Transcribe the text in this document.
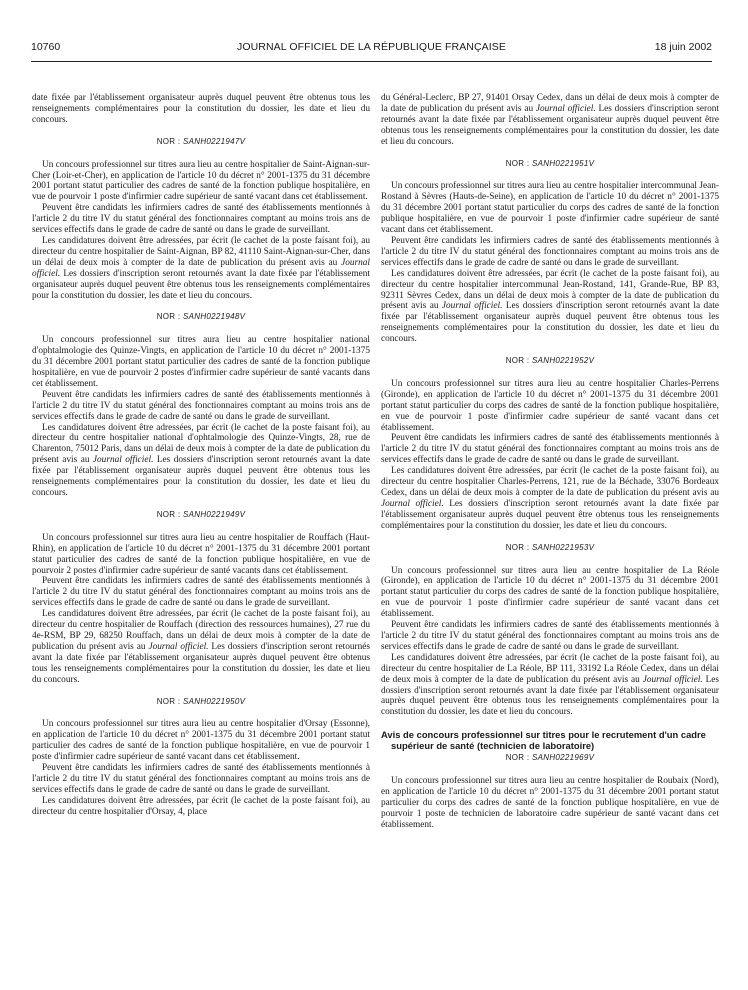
10760	JOURNAL OFFICIEL DE LA RÉPUBLIQUE FRANÇAISE	18 juin 2002

date fixée par l'établissement organisateur auprès duquel peuvent être obtenus tous les renseignements complémentaires pour la constitution du dossier, les date et lieu du concours.

NOR : SANH0221947V

Un concours professionnel sur titres aura lieu au centre hospitalier de Saint-Aignan-sur-Cher (Loir-et-Cher), en application de l'article 10 du décret n° 2001-1375 du 31 décembre 2001 portant statut particulier des cadres de santé de la fonction publique hospitalière, en vue de pourvoir 1 poste d'infirmier cadre supérieur de santé vacant dans cet établissement.

Peuvent être candidats les infirmiers cadres de santé des établissements mentionnés à l'article 2 du titre IV du statut général des fonctionnaires comptant au moins trois ans de services effectifs dans le grade de cadre de santé ou dans le grade de surveillant.

Les candidatures doivent être adressées, par écrit (le cachet de la poste faisant foi), au directeur du centre hospitalier de Saint-Aignan, BP 82, 41110 Saint-Aignan-sur-Cher, dans un délai de deux mois à compter de la date de publication du présent avis au Journal officiel. Les dossiers d'inscription seront retournés avant la date fixée par l'établissement organisateur auprès duquel peuvent être obtenus tous les renseignements complémentaires pour la constitution du dossier, les date et lieu du concours.

NOR : SANH0221948V

Un concours professionnel sur titres aura lieu au centre hospitalier national d'ophtalmologie des Quinze-Vingts, en application de l'article 10 du décret n° 2001-1375 du 31 décembre 2001 portant statut particulier des cadres de santé de la fonction publique hospitalière, en vue de pourvoir 2 postes d'infirmier cadre supérieur de santé vacants dans cet établissement.

Peuvent être candidats les infirmiers cadres de santé des établissements mentionnés à l'article 2 du titre IV du statut général des fonctionnaires comptant au moins trois ans de services effectifs dans le grade de cadre de santé ou dans le grade de surveillant.

Les candidatures doivent être adressées, par écrit (le cachet de la poste faisant foi), au directeur du centre hospitalier national d'ophtalmologie des Quinze-Vingts, 28, rue de Charenton, 75012 Paris, dans un délai de deux mois à compter de la date de publication du présent avis au Journal officiel. Les dossiers d'inscription seront retournés avant la date fixée par l'établissement organisateur auprès duquel peuvent être obtenus tous les renseignements complémentaires pour la constitution du dossier, les date et lieu du concours.

NOR : SANH0221949V

Un concours professionnel sur titres aura lieu au centre hospitalier de Rouffach (Haut-Rhin), en application de l'article 10 du décret n° 2001-1375 du 31 décembre 2001 portant statut particulier des cadres de santé de la fonction publique hospitalière, en vue de pourvoir 2 postes d'infirmier cadre supérieur de santé vacants dans cet établissement.

Peuvent être candidats les infirmiers cadres de santé des établissements mentionnés à l'article 2 du titre IV du statut général des fonctionnaires comptant au moins trois ans de services effectifs dans le grade de cadre de santé ou dans le grade de surveillant.

Les candidatures doivent être adressées, par écrit (le cachet de la poste faisant foi), au directeur du centre hospitalier de Rouffach (direction des ressources humaines), 27 rue du 4e-RSM, BP 29, 68250 Rouffach, dans un délai de deux mois à compter de la date de publication du présent avis au Journal officiel. Les dossiers d'inscription seront retournés avant la date fixée par l'établissement organisateur auprès duquel peuvent être obtenus tous les renseignements complémentaires pour la constitution du dossier, les date et lieu du concours.

NOR : SANH0221950V

Un concours professionnel sur titres aura lieu au centre hospitalier d'Orsay (Essonne), en application de l'article 10 du décret n° 2001-1375 du 31 décembre 2001 portant statut particulier des cadres de santé de la fonction publique hospitalière, en vue de pourvoir 1 poste d'infirmier cadre supérieur de santé vacant dans cet établissement.

Peuvent être candidats les infirmiers cadres de santé des établissements mentionnés à l'article 2 du titre IV du statut général des fonctionnaires comptant au moins trois ans de services effectifs dans le grade de cadre de santé ou dans le grade de surveillant.

Les candidatures doivent être adressées, par écrit (le cachet de la poste faisant foi), au directeur du centre hospitalier d'Orsay, 4, place

du Général-Leclerc, BP 27, 91401 Orsay Cedex, dans un délai de deux mois à compter de la date de publication du présent avis au Journal officiel. Les dossiers d'inscription seront retournés avant la date fixée par l'établissement organisateur auprès duquel peuvent être obtenus tous les renseignements complémentaires pour la constitution du dossier, les date et lieu du concours.

NOR : SANH0221951V

Un concours professionnel sur titres aura lieu au centre hospitalier intercommunal Jean-Rostand à Sèvres (Hauts-de-Seine), en application de l'article 10 du décret n° 2001-1375 du 31 décembre 2001 portant statut particulier du corps des cadres de santé de la fonction publique hospitalière, en vue de pourvoir 1 poste d'infirmier cadre supérieur de santé vacant dans cet établissement.

Peuvent être candidats les infirmiers cadres de santé des établissements mentionnés à l'article 2 du titre IV du statut général des fonctionnaires comptant au moins trois ans de services effectifs dans le grade de cadre de santé ou dans le grade de surveillant.

Les candidatures doivent être adressées, par écrit (le cachet de la poste faisant foi), au directeur du centre hospitalier intercommunal Jean-Rostand, 141, Grande-Rue, BP 83, 92311 Sèvres Cedex, dans un délai de deux mois à compter de la date de publication du présent avis au Journal officiel. Les dossiers d'inscription seront retournés avant la date fixée par l'établissement organisateur auprès duquel peuvent être obtenus tous les renseignements complémentaires pour la constitution du dossier, les date et lieu du concours.

NOR : SANH0221952V

Un concours professionnel sur titres aura lieu au centre hospitalier Charles-Perrens (Gironde), en application de l'article 10 du décret n° 2001-1375 du 31 décembre 2001 portant statut particulier du corps des cadres de santé de la fonction publique hospitalière, en vue de pourvoir 1 poste d'infirmier cadre supérieur de santé vacant dans cet établissement.

Peuvent être candidats les infirmiers cadres de santé des établissements mentionnés à l'article 2 du titre IV du statut général des fonctionnaires comptant au moins trois ans de services effectifs dans le grade de cadre de santé ou dans le grade de surveillant.

Les candidatures doivent être adressées, par écrit (le cachet de la poste faisant foi), au directeur du centre hospitalier Charles-Perrens, 121, rue de la Béchade, 33076 Bordeaux Cedex, dans un délai de deux mois à compter de la date de publication du présent avis au Journal officiel. Les dossiers d'inscription seront retournés avant la date fixée par l'établissement organisateur auprès duquel peuvent être obtenus tous les renseignements complémentaires pour la constitution du dossier, les date et lieu du concours.

NOR : SANH0221953V

Un concours professionnel sur titres aura lieu au centre hospitalier de La Réole (Gironde), en application de l'article 10 du décret n° 2001-1375 du 31 décembre 2001 portant statut particulier du corps des cadres de santé de la fonction publique hospitalière, en vue de pourvoir 1 poste d'infirmier cadre supérieur de santé vacant dans cet établissement.

Peuvent être candidats les infirmiers cadres de santé des établissements mentionnés à l'article 2 du titre IV du statut général des fonctionnaires comptant au moins trois ans de services effectifs dans le grade de cadre de santé ou dans le grade de surveillant.

Les candidatures doivent être adressées, par écrit (le cachet de la poste faisant foi), au directeur du centre hospitalier de La Réole, BP 111, 33192 La Réole Cedex, dans un délai de deux mois à compter de la date de publication du présent avis au Journal officiel. Les dossiers d'inscription seront retournés avant la date fixée par l'établissement organisateur auprès duquel peuvent être obtenus tous les renseignements complémentaires pour la constitution du dossier, les date et lieu du concours.

Avis de concours professionnel sur titres pour le recrutement d'un cadre supérieur de santé (technicien de laboratoire)
NOR : SANH0221969V

Un concours professionnel sur titres aura lieu au centre hospitalier de Roubaix (Nord), en application de l'article 10 du décret n° 2001-1375 du 31 décembre 2001 portant statut particulier du corps des cadres de santé de la fonction publique hospitalière, en vue de pourvoir 1 poste de technicien de laboratoire cadre supérieur de santé vacant dans cet établissement.
